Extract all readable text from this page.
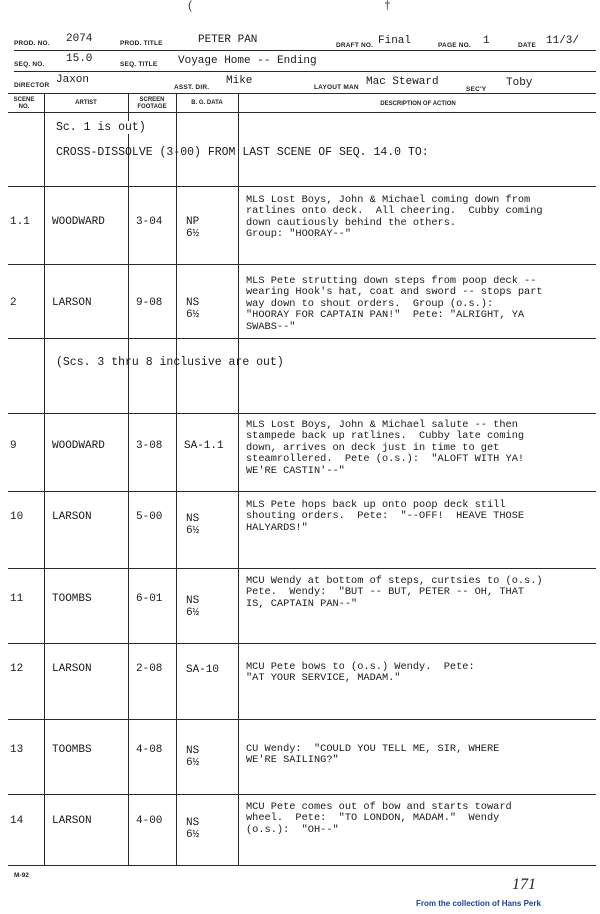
(	†
PROD. NO. 2074	PROD. TITLE	PETER PAN	DRAFT NO. Final	PAGE NO. 1	DATE 11/3/
SEQ. NO. 15.0	SEQ. TITLE Voyage Home -- Ending
DIRECTOR Jaxon
ASST. DIR.
Mike
LAYOUT MAN Mac Steward
SEC'Y
Toby
SCENE NO.
ARTIST	SCREEN FOOTAGE
B. G. DATA	DESCRIPTION OF ACTION
Sc. 1 is out)
CROSS-DISSOLVE (3-00) FROM LAST SCENE OF SEQ. 14.0 TO:
1.1 WOODWARD	3-04 NP
6½
MLS Lost Boys, John & Michael coming down from
ratlines onto deck.  All cheering.  Cubby coming
down cautiously behind the others.
Group: "HOORAY--"
2	LARSON	9-08 NS
6½
MLS Pete strutting down steps from poop deck --
wearing Hook's hat, coat and sword -- stops part
way down to shout orders.  Group (o.s.):
"HOORAY FOR CAPTAIN PAN!"  Pete: "ALRIGHT, YA
SWABS--"
(Scs. 3 thru 8 inclusive are out)
9	WOODWARD	3-08 SA-1.1
MLS Lost Boys, John & Michael salute -- then
stampede back up ratlines.  Cubby late coming
down, arrives on deck just in time to get
steamrollered.  Pete (o.s.):  "ALOFT WITH YA!
WE'RE CASTIN'--"
10	LARSON	5-00 NS
6½
MLS Pete hops back up onto poop deck still
shouting orders.  Pete:  "--OFF!  HEAVE THOSE
HALYARDS!"
11	TOOMBS	6-01 NS
6½
MCU Wendy at bottom of steps, curtsies to (o.s.)
Pete.  Wendy:  "BUT -- BUT, PETER -- OH, THAT
IS, CAPTAIN PAN--"
12	LARSON	2-08 SA-10	MCU Pete bows to (o.s.) Wendy.  Pete:
"AT YOUR SERVICE, MADAM."
13	TOOMBS	4-08 NS
6½
CU Wendy:  "COULD YOU TELL ME, SIR, WHERE
WE'RE SAILING?"
14	LARSON	4-00 NS
6½
MCU Pete comes out of bow and starts toward
wheel.  Pete:  "TO LONDON, MADAM."  Wendy
(o.s.):  "OH--"
M-92
171
From the collection of Hans Perk
